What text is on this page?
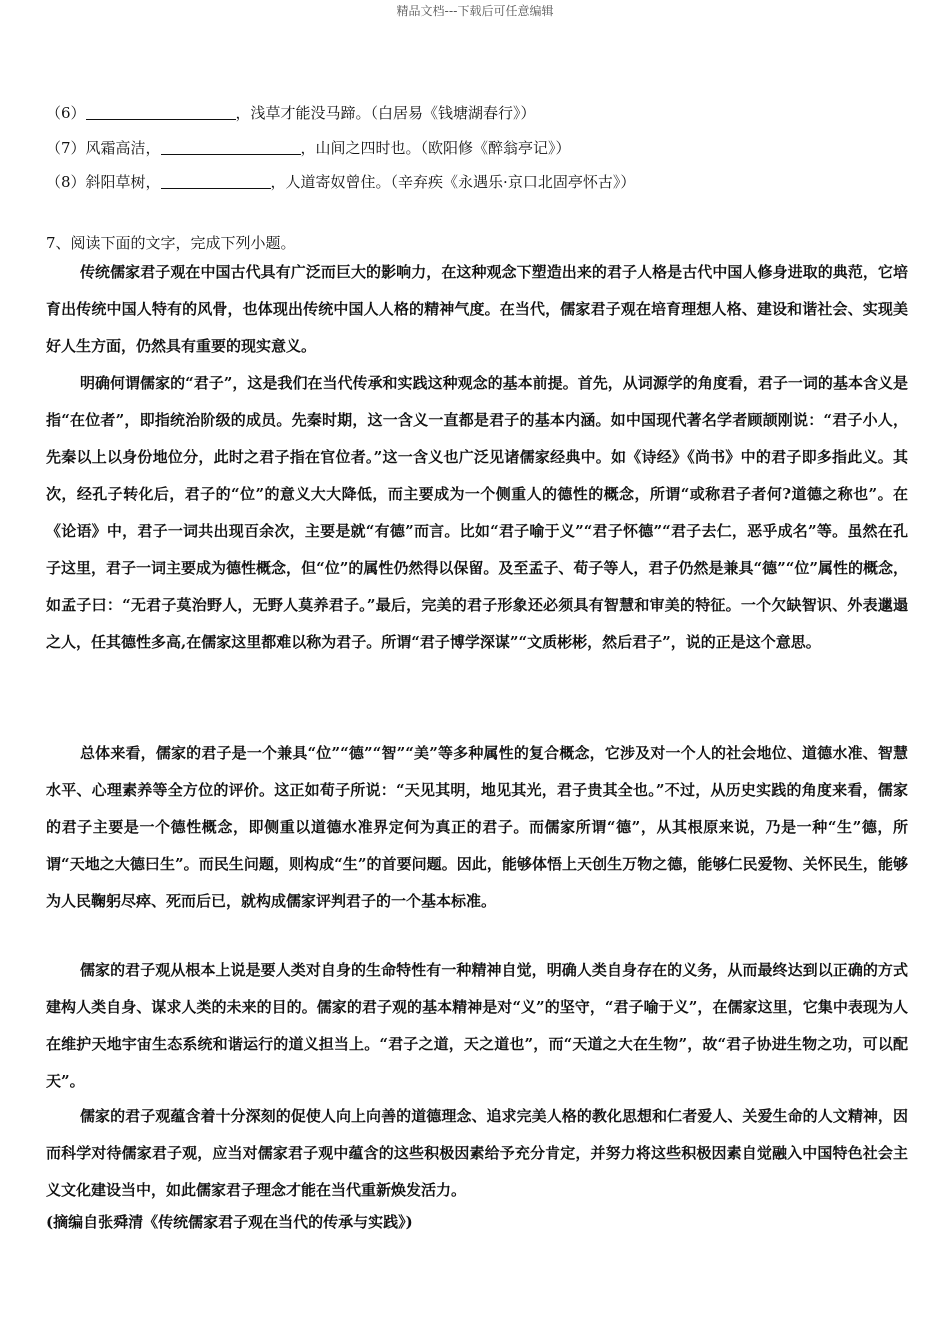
精品文档---下载后可任意编辑
（6）	，浅草才能没马蹄。（白居易《钱塘湖春行》）
（7）风霜高洁，	，山间之四时也。（欧阳修《醉翁亭记》）
（8）斜阳草树，	，人道寄奴曾住。（辛弃疾《永遇乐·京口北固亭怀古》）
7、阅读下面的文字，完成下列小题。
传统儒家君子观在中国古代具有广泛而巨大的影响力，在这种观念下塑造出来的君子人格是古代中国人修身进取的典范，它培育出传统中国人特有的风骨，也体现出传统中国人人格的精神气度。在当代，儒家君子观在培育理想人格、建设和谐社会、实现美好人生方面，仍然具有重要的现实意义。
明确何谓儒家的“君子”，这是我们在当代传承和实践这种观念的基本前提。首先，从词源学的角度看，君子一词的基本含义是指“在位者”，即指统治阶级的成员。先秦时期，这一含义一直都是君子的基本内涵。如中国现代著名学者顾颉刚说：“君子小人，先秦以上以身份地位分，此时之君子指在官位者。”这一含义也广泛见诸儒家经典中。如《诗经》《尚书》中的君子即多指此义。其次，经孔子转化后，君子的“位”的意义大大降低，而主要成为一个侧重人的德性的概念，所谓“或称君子者何?道德之称也”。在《论语》中，君子一词共出现百余次，主要是就“有德”而言。比如“君子喻于义”“君子怀德”“君子去仁，恶乎成名”等。虽然在孔子这里，君子一词主要成为德性概念，但“位”的属性仍然得以保留。及至孟子、荀子等人，君子仍然是兼具“德”“位”属性的概念，如孟子曰：“无君子莫治野人，无野人莫养君子。”最后，完美的君子形象还必须具有智慧和审美的特征。一个欠缺智识、外表邋遢之人，任其德性多高,在儒家这里都难以称为君子。所谓“君子博学深谋”“文质彬彬，然后君子”，说的正是这个意思。
总体来看，儒家的君子是一个兼具“位”“德”“智”“美”等多种属性的复合概念，它涉及对一个人的社会地位、道德水准、智慧水平、心理素养等全方位的评价。这正如荀子所说：“天见其明，地见其光，君子贵其全也。”不过，从历史实践的角度来看，儒家的君子主要是一个德性概念，即侧重以道德水准界定何为真正的君子。而儒家所谓“德”，从其根原来说，乃是一种“生”德，所谓“天地之大德曰生”。而民生问题，则构成“生”的首要问题。因此，能够体悟上天创生万物之德，能够仁民爱物、关怀民生，能够为人民鞠躬尽瘁、死而后已，就构成儒家评判君子的一个基本标准。
儒家的君子观从根本上说是要人类对自身的生命特性有一种精神自觉，明确人类自身存在的义务，从而最终达到以正确的方式建构人类自身、谋求人类的未来的目的。儒家的君子观的基本精神是对“义”的坚守，“君子喻于义”，在儒家这里，它集中表现为人在维护天地宇宙生态系统和谐运行的道义担当上。“君子之道，天之道也”，而“天道之大在生物”，故“君子协进生物之功，可以配天”。
儒家的君子观蕴含着十分深刻的促使人向上向善的道德理念、追求完美人格的教化思想和仁者爱人、关爱生命的人文精神，因而科学对待儒家君子观，应当对儒家君子观中蕴含的这些积极因素给予充分肯定，并努力将这些积极因素自觉融入中国特色社会主义文化建设当中，如此儒家君子理念才能在当代重新焕发活力。
(摘编自张舜清《传统儒家君子观在当代的传承与实践》)
